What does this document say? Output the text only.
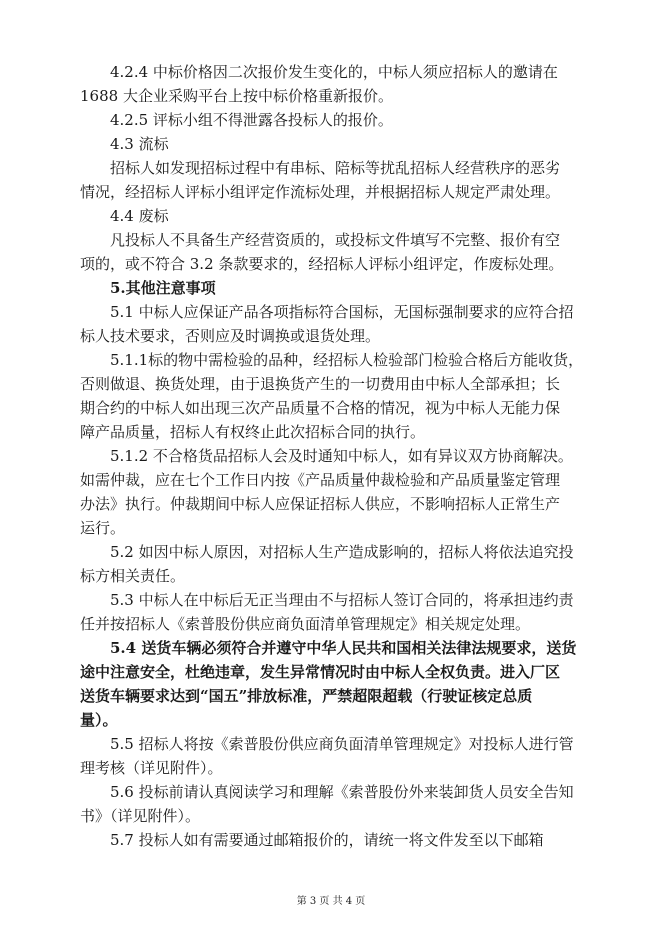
4.2.4 中标价格因二次报价发生变化的，中标人须应招标人的邀请在
1688 大企业采购平台上按中标价格重新报价。
4.2.5 评标小组不得泄露各投标人的报价。
4.3 流标
招标人如发现招标过程中有串标、陪标等扰乱招标人经营秩序的恶劣
情况，经招标人评标小组评定作流标处理，并根据招标人规定严肃处理。
4.4 废标
凡投标人不具备生产经营资质的，或投标文件填写不完整、报价有空
项的，或不符合 3.2 条款要求的，经招标人评标小组评定，作废标处理。
5.其他注意事项
5.1 中标人应保证产品各项指标符合国标，无国标强制要求的应符合招
标人技术要求，否则应及时调换或退货处理。
5.1.1标的物中需检验的品种，经招标人检验部门检验合格后方能收货，
否则做退、换货处理，由于退换货产生的一切费用由中标人全部承担；长
期合约的中标人如出现三次产品质量不合格的情况，视为中标人无能力保
障产品质量，招标人有权终止此次招标合同的执行。
5.1.2 不合格货品招标人会及时通知中标人，如有异议双方协商解决。
如需仲裁，应在七个工作日内按《产品质量仲裁检验和产品质量鉴定管理
办法》执行。仲裁期间中标人应保证招标人供应，不影响招标人正常生产
运行。
5.2 如因中标人原因，对招标人生产造成影响的，招标人将依法追究投
标方相关责任。
5.3 中标人在中标后无正当理由不与招标人签订合同的，将承担违约责
任并按招标人《索普股份供应商负面清单管理规定》相关规定处理。
5.4 送货车辆必须符合并遵守中华人民共和国相关法律法规要求，送货
途中注意安全，杜绝违章，发生异常情况时由中标人全权负责。进入厂区
送货车辆要求达到“国五”排放标准，严禁超限超载（行驶证核定总质
量）。
5.5 招标人将按《索普股份供应商负面清单管理规定》对投标人进行管
理考核（详见附件）。
5.6 投标前请认真阅读学习和理解《索普股份外来装卸货人员安全告知
书》（详见附件）。
5.7 投标人如有需要通过邮箱报价的，请统一将文件发至以下邮箱
第 3 页 共 4 页
